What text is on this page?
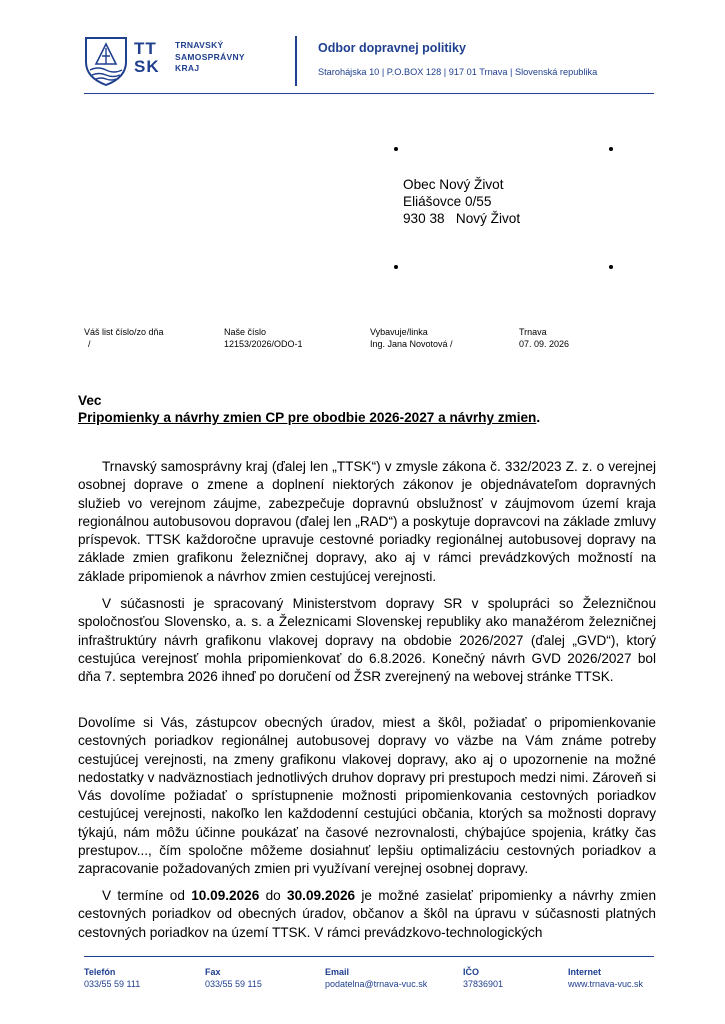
TT
SK
TRNAVSKÝ
SAMOSPRÁVNY
KRAJ
Odbor dopravnej politiky
Starohájska 10 | P.O.BOX 128 | 917 01 Trnava | Slovenská republika
Obec Nový Život
Eliášovce 0/55
930 38   Nový Život
Váš list číslo/zo dňa
/
Naše číslo
12153/2026/ODO-1
Vybavuje/linka
Ing. Jana Novotová /
Trnava
07. 09. 2026
Vec
Pripomienky a návrhy zmien CP pre obodbie 2026-2027 a návrhy zmien.

Trnavský samosprávny kraj (ďalej len „TTSK“) v zmysle zákona č. 332/2023 Z. z. o verejnej osobnej doprave o zmene a doplnení niektorých zákonov je objednávateľom dopravných služieb vo verejnom záujme, zabezpečuje dopravnú obslužnosť v záujmovom území kraja regionálnou autobusovou dopravou (ďalej len „RAD“) a poskytuje dopravcovi na základe zmluvy príspevok. TTSK každoročne upravuje cestovné poriadky regionálnej autobusovej dopravy na základe zmien grafikonu železničnej dopravy, ako aj v rámci prevádzkových možností na základe pripomienok a návrhov zmien cestujúcej verejnosti.

V súčasnosti je spracovaný Ministerstvom dopravy SR v spolupráci so Železničnou spoločnosťou Slovensko, a. s. a Železnicami Slovenskej republiky ako manažérom železničnej infraštruktúry návrh grafikonu vlakovej dopravy na obdobie 2026/2027 (ďalej „GVD“), ktorý cestujúca verejnosť mohla pripomienkovať do 6.8.2026. Konečný návrh GVD 2026/2027 bol dňa 7. septembra 2026 ihneď po doručení od ŽSR zverejnený na webovej stránke TTSK.

Dovolíme si Vás, zástupcov obecných úradov, miest a škôl, požiadať o pripomienkovanie cestovných poriadkov regionálnej autobusovej dopravy vo väzbe na Vám známe potreby cestujúcej verejnosti, na zmeny grafikonu vlakovej dopravy, ako aj o upozornenie na možné nedostatky v nadväznostiach jednotlivých druhov dopravy pri prestupoch medzi nimi. Zároveň si Vás dovolíme požiadať o sprístupnenie možnosti pripomienkovania cestovných poriadkov cestujúcej verejnosti, nakoľko len každodenní cestujúci občania, ktorých sa možnosti dopravy týkajú, nám môžu účinne poukázať na časové nezrovnalosti, chýbajúce spojenia, krátky čas prestupov..., čím spoločne môžeme dosiahnuť lepšiu optimalizáciu cestovných poriadkov a zapracovanie požadovaných zmien pri využívaní verejnej osobnej dopravy.

V termíne od 10.09.2026 do 30.09.2026 je možné zasielať pripomienky a návrhy zmien cestovných poriadkov od obecných úradov, občanov a škôl na úpravu v súčasnosti platných cestovných poriadkov na území TTSK. V rámci prevádzkovo-technologických

Telefón
033/55 59 111
Fax
033/55 59 115
Email
podatelna@trnava-vuc.sk
IČO
37836901
Internet
www.trnava-vuc.sk
